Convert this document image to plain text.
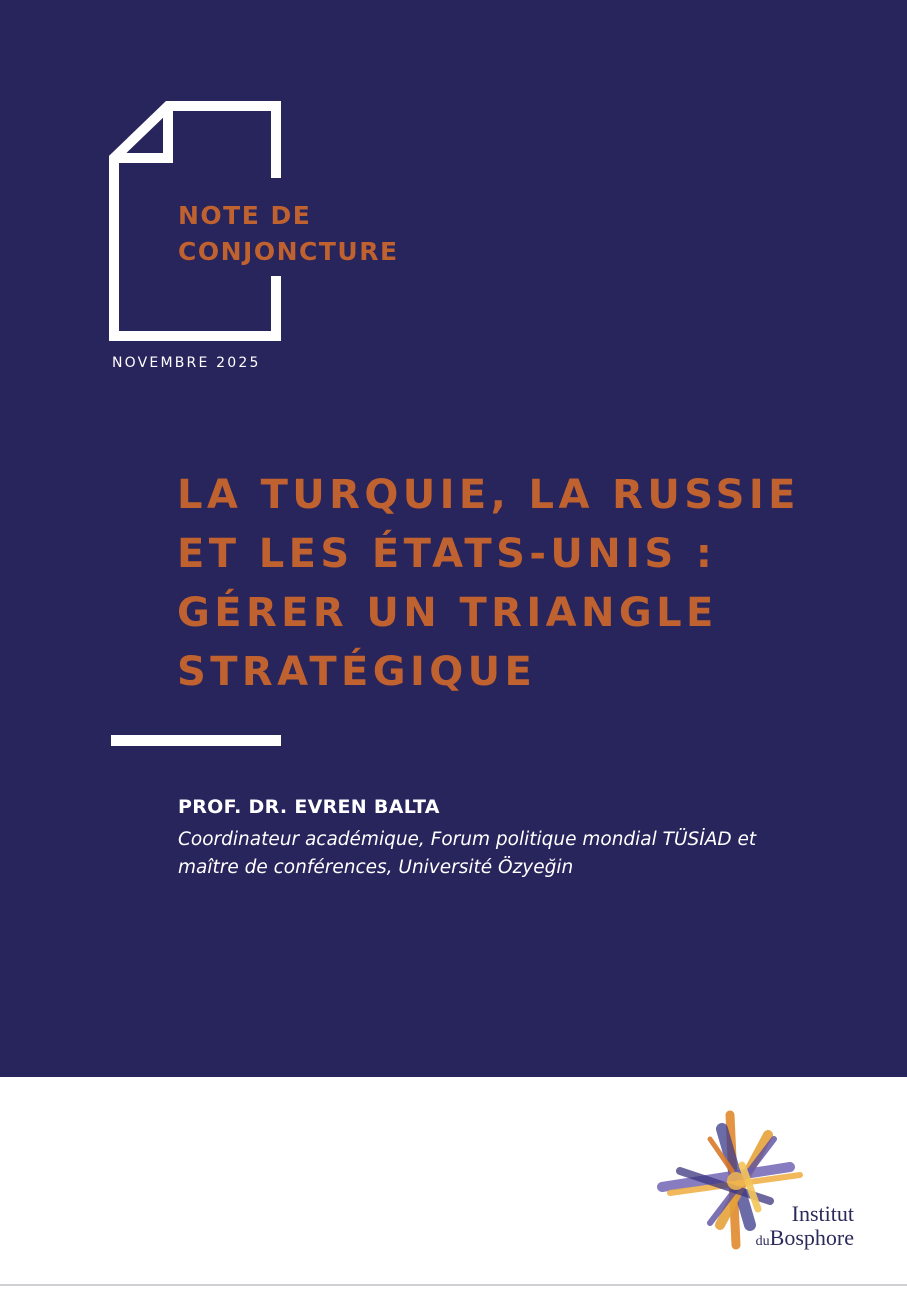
NOTE DE
CONJONCTURE
NOVEMBRE 2025
LA TURQUIE, LA RUSSIE
ET LES ÉTATS-UNIS :
GÉRER UN TRIANGLE
STRATÉGIQUE
PROF. DR. EVREN BALTA
Coordinateur académique, Forum politique mondial TÜSİAD et
maître de conférences, Université Özyeğin
Institut
duBosphore
